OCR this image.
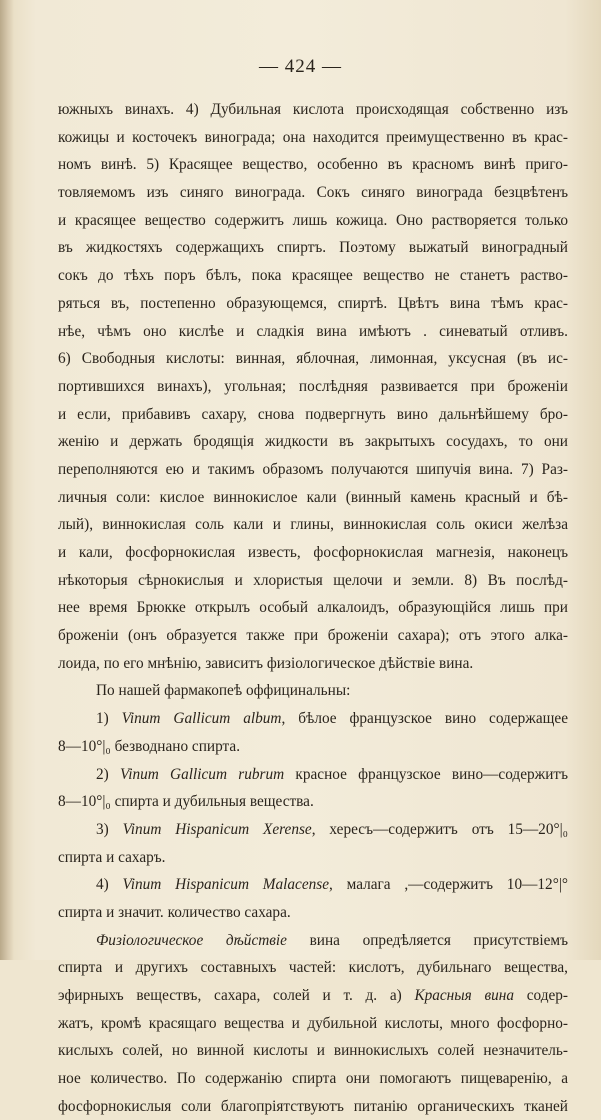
— 424 —
южныхъ винахъ. 4) Дубильная кислота происходящая собственно изъ
кожицы и косточекъ винограда; она находится преимущественно въ крас-
номъ винѣ. 5) Красящее вещество, особенно въ красномъ винѣ приго-
товляемомъ изъ синяго винограда. Сокъ синяго винограда безцвѣтенъ
и красящее вещество содержитъ лишь кожица. Оно растворяется только
въ жидкостяхъ содержащихъ спиртъ. Поэтому выжатый виноградный
сокъ до тѣхъ поръ бѣлъ, пока красящее вещество не станетъ раство-
ряться въ, постепенно образующемся, спиртѣ. Цвѣтъ вина тѣмъ крас-
нѣе, чѣмъ оно кислѣе и сладкія вина имѣютъ . синеватый отливъ.
6) Свободныя кислоты: винная, яблочная, лимонная, уксусная (въ ис-
портившихся винахъ), угольная; послѣдняя развивается при броженіи
и если, прибавивъ сахару, снова подвергнуть вино дальнѣйшему бро-
женію и держать бродящія жидкости въ закрытыхъ сосудахъ, то они
переполняются ею и такимъ образомъ получаются шипучія вина. 7) Раз-
личныя соли: кислое виннокислое кали (винный камень красный и бѣ-
лый), виннокислая соль кали и глины, виннокислая соль окиси желѣза
и кали, фосфорнокислая известь, фосфорнокислая магнезія, наконецъ
нѣкоторыя сѣрнокислыя и хлористыя щелочи и земли. 8) Въ послѣд-
нее время Брюкке открылъ особый алкалоидъ, образующійся лишь при
броженіи (онъ образуется также при броженіи сахара); отъ этого алка-
лоида, по его мнѣнію, зависитъ физіологическое дѣйствіе вина.
По нашей фармакопеѣ оффицинальны:
1) Vinum Gallicum album, бѣлое французское вино содержащее
8—10°|₀ безводнано спирта.
2) Vinum Gallicum rubrum красное французское вино—содержитъ
8—10°|₀ спирта и дубильныя вещества.
3) Vinum Hispanicum Xerense, хересъ—содержитъ отъ 15—20°|₀
спирта и сахаръ.
4) Vinum Hispanicum Malacense, малага ,—содержитъ 10—12°|°
спирта и значит. количество сахара.
Физіологическое дѣйствіе вина опредѣляется присутствіемъ
спирта и другихъ составныхъ частей: кислотъ, дубильнаго вещества,
эфирныхъ веществъ, сахара, солей и т. д. а) Красныя вина содер-
жатъ, кромѣ красящаго вещества и дубильной кислоты, много фосфорно-
кислыхъ солей, но винной кислоты и виннокислыхъ солей незначитель-
ное количество. По содержанію спирта они помогаютъ пищеваренію, а
фосфорнокислыя соли благопріятствуютъ питанію органическихъ тканей
